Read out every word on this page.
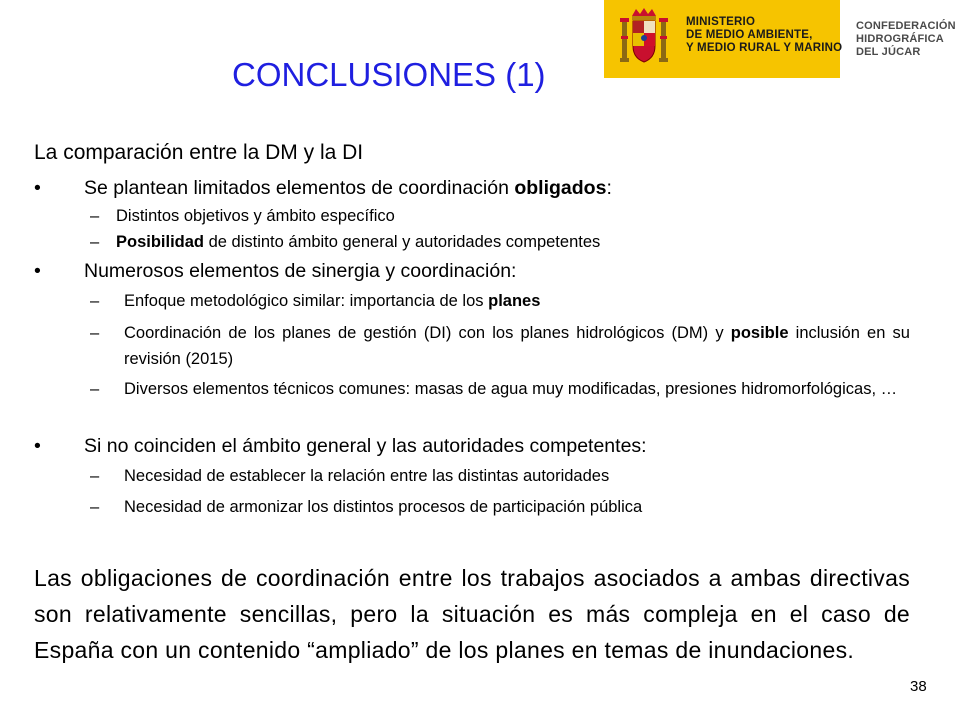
MINISTERIO
DE MEDIO AMBIENTE,
Y MEDIO RURAL Y MARINO
CONFEDERACIÓN
HIDROGRÁFICA
DEL JÚCAR
CONCLUSIONES (1)
La comparación entre la DM y la DI
• Se plantean limitados elementos de coordinación obligados:
– Distintos objetivos y ámbito específico
– Posibilidad de distinto ámbito general y autoridades competentes
• Numerosos elementos de sinergia y coordinación:
– Enfoque metodológico similar: importancia de los planes
– Coordinación de los planes de gestión (DI) con los planes hidrológicos (DM) y posible inclusión en su revisión (2015)
– Diversos elementos técnicos comunes: masas de agua muy modificadas, presiones hidromorfológicas, …
• Si no coinciden el ámbito general y las autoridades competentes:
– Necesidad de establecer la relación entre las distintas autoridades
– Necesidad de armonizar los distintos procesos de participación pública
Las obligaciones de coordinación entre los trabajos asociados a ambas directivas son relativamente sencillas, pero la situación es más compleja en el caso de España con un contenido “ampliado” de los planes en temas de inundaciones.
38
